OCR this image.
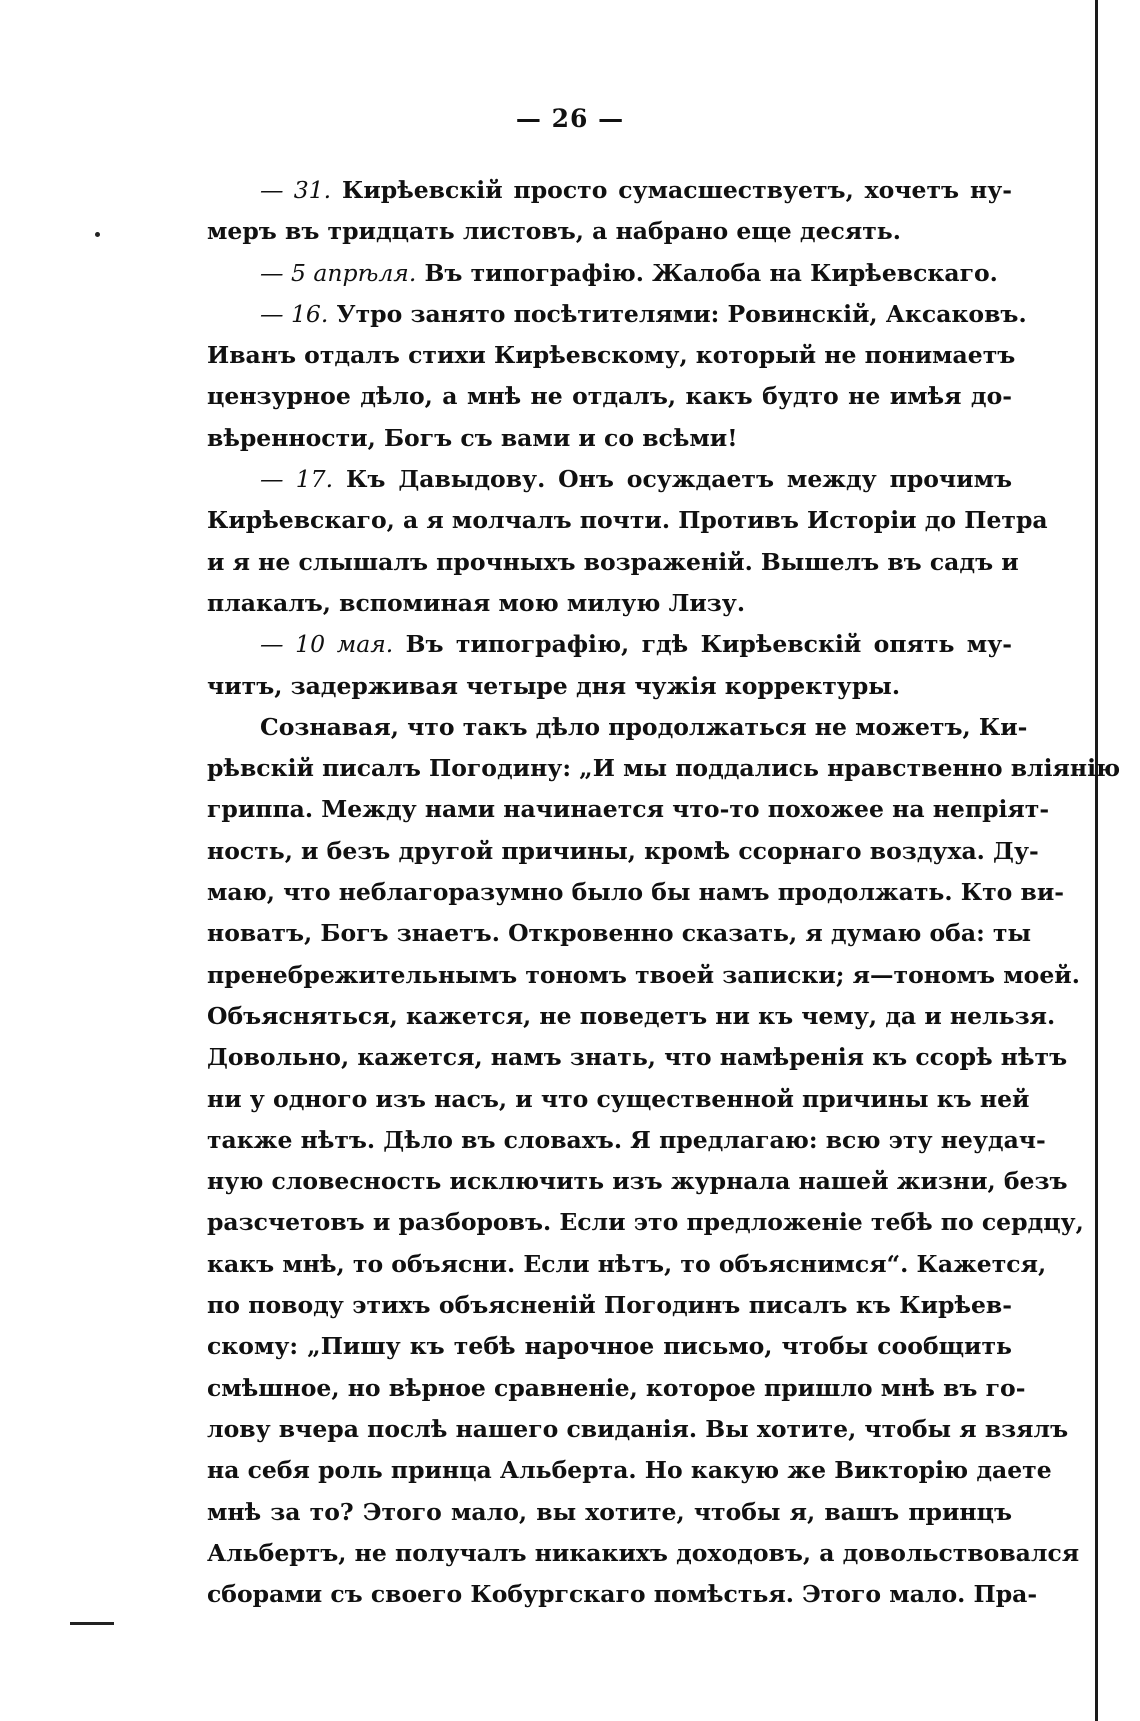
— 26 —
— 31. Кирѣевскій просто сумасшествуетъ, хочетъ ну-
меръ въ тридцать листовъ, а набрано еще десять.
— 5 апрѣля. Въ типографію. Жалоба на Кирѣевскаго.
— 16. Утро занято посѣтителями: Ровинскій, Аксаковъ.
Иванъ отдалъ стихи Кирѣевскому, который не понимаетъ
цензурное дѣло, а мнѣ не отдалъ, какъ будто не имѣя до-
вѣренности, Богъ съ вами и со всѣми!
— 17. Къ Давыдову. Онъ осуждаетъ между прочимъ
Кирѣевскаго, а я молчалъ почти. Противъ Исторіи до Петра
и я не слышалъ прочныхъ возраженій. Вышелъ въ садъ и
плакалъ, вспоминая мою милую Лизу.
— 10 мая. Въ типографію, гдѣ Кирѣевскій опять му-
читъ, задерживая четыре дня чужія корректуры.
Сознавая, что такъ дѣло продолжаться не можетъ, Ки-
рѣвскій писалъ Погодину: „И мы поддались нравственно вліянію
гриппа. Между нами начинается что-то похожее на непріят-
ность, и безъ другой причины, кромѣ ссорнаго воздуха. Ду-
маю, что неблагоразумно было бы намъ продолжать. Кто ви-
новатъ, Богъ знаетъ. Откровенно сказать, я думаю оба: ты
пренебрежительнымъ тономъ твоей записки; я—тономъ моей.
Объясняться, кажется, не поведетъ ни къ чему, да и нельзя.
Довольно, кажется, намъ знать, что намѣренія къ ссорѣ нѣтъ
ни у одного изъ насъ, и что существенной причины къ ней
также нѣтъ. Дѣло въ словахъ. Я предлагаю: всю эту неудач-
ную словесность исключить изъ журнала нашей жизни, безъ
разсчетовъ и разборовъ. Если это предложеніе тебѣ по сердцу,
какъ мнѣ, то объясни. Если нѣтъ, то объяснимся“. Кажется,
по поводу этихъ объясненій Погодинъ писалъ къ Кирѣев-
скому: „Пишу къ тебѣ нарочное письмо, чтобы сообщить
смѣшное, но вѣрное сравненіе, которое пришло мнѣ въ го-
лову вчера послѣ нашего свиданія. Вы хотите, чтобы я взялъ
на себя роль принца Альберта. Но какую же Викторію даете
мнѣ за то? Этого мало, вы хотите, чтобы я, вашъ принцъ
Альбертъ, не получалъ никакихъ доходовъ, а довольствовался
сборами съ своего Кобургскаго помѣстья. Этого мало. Пра-
